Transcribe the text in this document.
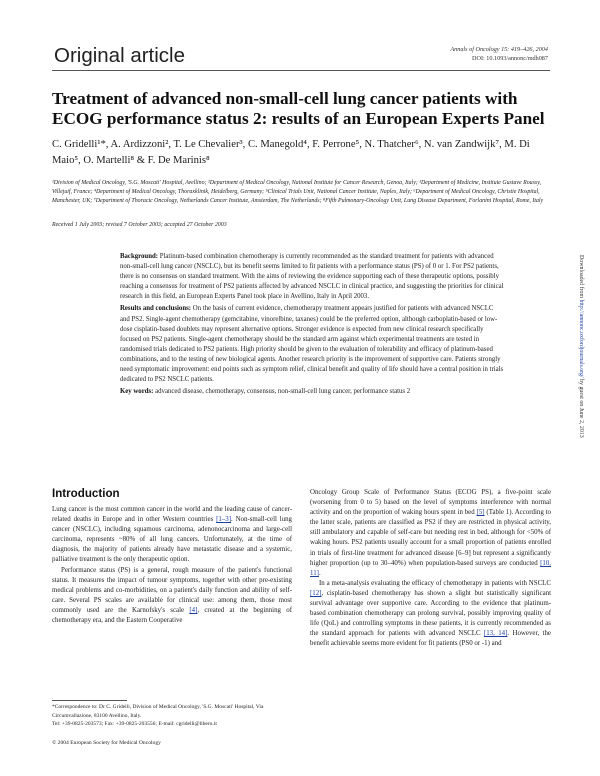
Original article	Annals of Oncology 15: 419–426, 2004
DOI: 10.1093/annonc/mdh087
Treatment of advanced non-small-cell lung cancer patients with ECOG performance status 2: results of an European Experts Panel
C. Gridelli¹*, A. Ardizzoni², T. Le Chevalier³, C. Manegold⁴, F. Perrone⁵, N. Thatcher⁶, N. van Zandwijk⁷, M. Di Maio⁵, O. Martelli⁸ & F. De Marinis⁸
¹Division of Medical Oncology, 'S.G. Moscati' Hospital, Avellino; ²Department of Medical Oncology, National Institute for Cancer Research, Genoa, Italy; ³Department of Medicine, Institute Gustave Roussy, Villejuif, France; ⁴Department of Medical Oncology, Thoraxklinik, Heidelberg, Germany; ⁵Clinical Trials Unit, National Cancer Institute, Naples, Italy; ⁶Department of Medical Oncology, Christie Hospital, Manchester, UK; ⁷Department of Thoracic Oncology, Netherlands Cancer Institute, Amsterdam, The Netherlands; ⁸Fifth Pulmonary-Oncology Unit, Lung Disease Department, Forlanini Hospital, Rome, Italy
Received 1 July 2003; revised 7 October 2003; accepted 27 October 2003

Background: Platinum-based combination chemotherapy is currently recommended as the standard treatment for patients with advanced non-small-cell lung cancer (NSCLC), but its benefit seems limited to fit patients with a performance status (PS) of 0 or 1. For PS2 patients, there is no consensus on standard treatment. With the aims of reviewing the evidence supporting each of these therapeutic options, possibly reaching a consensus for treatment of PS2 patients affected by advanced NSCLC in clinical practice, and suggesting the priorities for clinical research in this field, an European Experts Panel took place in Avellino, Italy in April 2003.

Results and conclusions: On the basis of current evidence, chemotherapy treatment appears justified for patients with advanced NSCLC and PS2. Single-agent chemotherapy (gemcitabine, vinorelbine, taxanes) could be the preferred option, although carboplatin-based or low-dose cisplatin-based doublets may represent alternative options. Stronger evidence is expected from new clinical research specifically focused on PS2 patients. Single-agent chemotherapy should be the standard arm against which experimental treatments are tested in randomised trials dedicated to PS2 patients. High priority should be given to the evaluation of tolerability and efficacy of platinum-based combinations, and to the testing of new biological agents. Another research priority is the improvement of supportive care. Patients strongly need symptomatic improvement: end points such as symptom relief, clinical benefit and quality of life should have a central position in trials dedicated to PS2 NSCLC patients.

Key words: advanced disease, chemotherapy, consensus, non-small-cell lung cancer, performance status 2

Downloaded from http://annonc.oxfordjournals.org/ by guest on June 2, 2013
Introduction

Lung cancer is the most common cancer in the world and the leading cause of cancer-related deaths in Europe and in other Western countries [1–3]. Non-small-cell lung cancer (NSCLC), including squamous carcinoma, adenonocarcinoma and large-cell carcinoma, represents ~80% of all lung cancers. Unfortunately, at the time of diagnosis, the majority of patients already have metastatic disease and a systemic, palliative treatment is the only therapeutic option.

Performance status (PS) is a general, rough measure of the patient's functional status. It measures the impact of tumour symptoms, together with other pre-existing medical problems and co-morbidities, on a patient's daily function and ability of self-care. Several PS scales are available for clinical use: among them, those most commonly used are the Karnofsky's scale [4], created at the beginning of chemotherapy era, and the Eastern Cooperative

Oncology Group Scale of Performance Status (ECOG PS), a five-point scale (worsening from 0 to 5) based on the level of symptoms interference with normal activity and on the proportion of waking hours spent in bed [5] (Table 1). According to the latter scale, patients are classified as PS2 if they are restricted in physical activity, still ambulatory and capable of self-care but needing rest in bed, although for <50% of waking hours. PS2 patients usually account for a small proportion of patients enrolled in trials of first-line treatment for advanced disease [6–9] but represent a significantly higher proportion (up to 30–40%) when population-based surveys are conducted [10, 11].

In a meta-analysis evaluating the efficacy of chemotherapy in patients with NSCLC [12], cisplatin-based chemotherapy has shown a slight but statistically significant survival advantage over supportive care. According to the evidence that platinum-based combination chemotherapy can prolong survival, possibly improving quality of life (QoL) and controlling symptoms in these patients, it is currently recommended as the standard approach for patients with advanced NSCLC [13, 14]. However, the benefit achievable seems more evident for fit patients (PS0 or -1) and

*Correspondence to: Dr C. Gridelli, Division of Medical Oncology, 'S.G. Moscati' Hospital, Via Circumvallazione, 83100 Avellino, Italy.
Tel: +39-0825-203573; Fax: +39-0825-203556; E-mail: cgridelli@libero.it
© 2004 European Society for Medical Oncology
